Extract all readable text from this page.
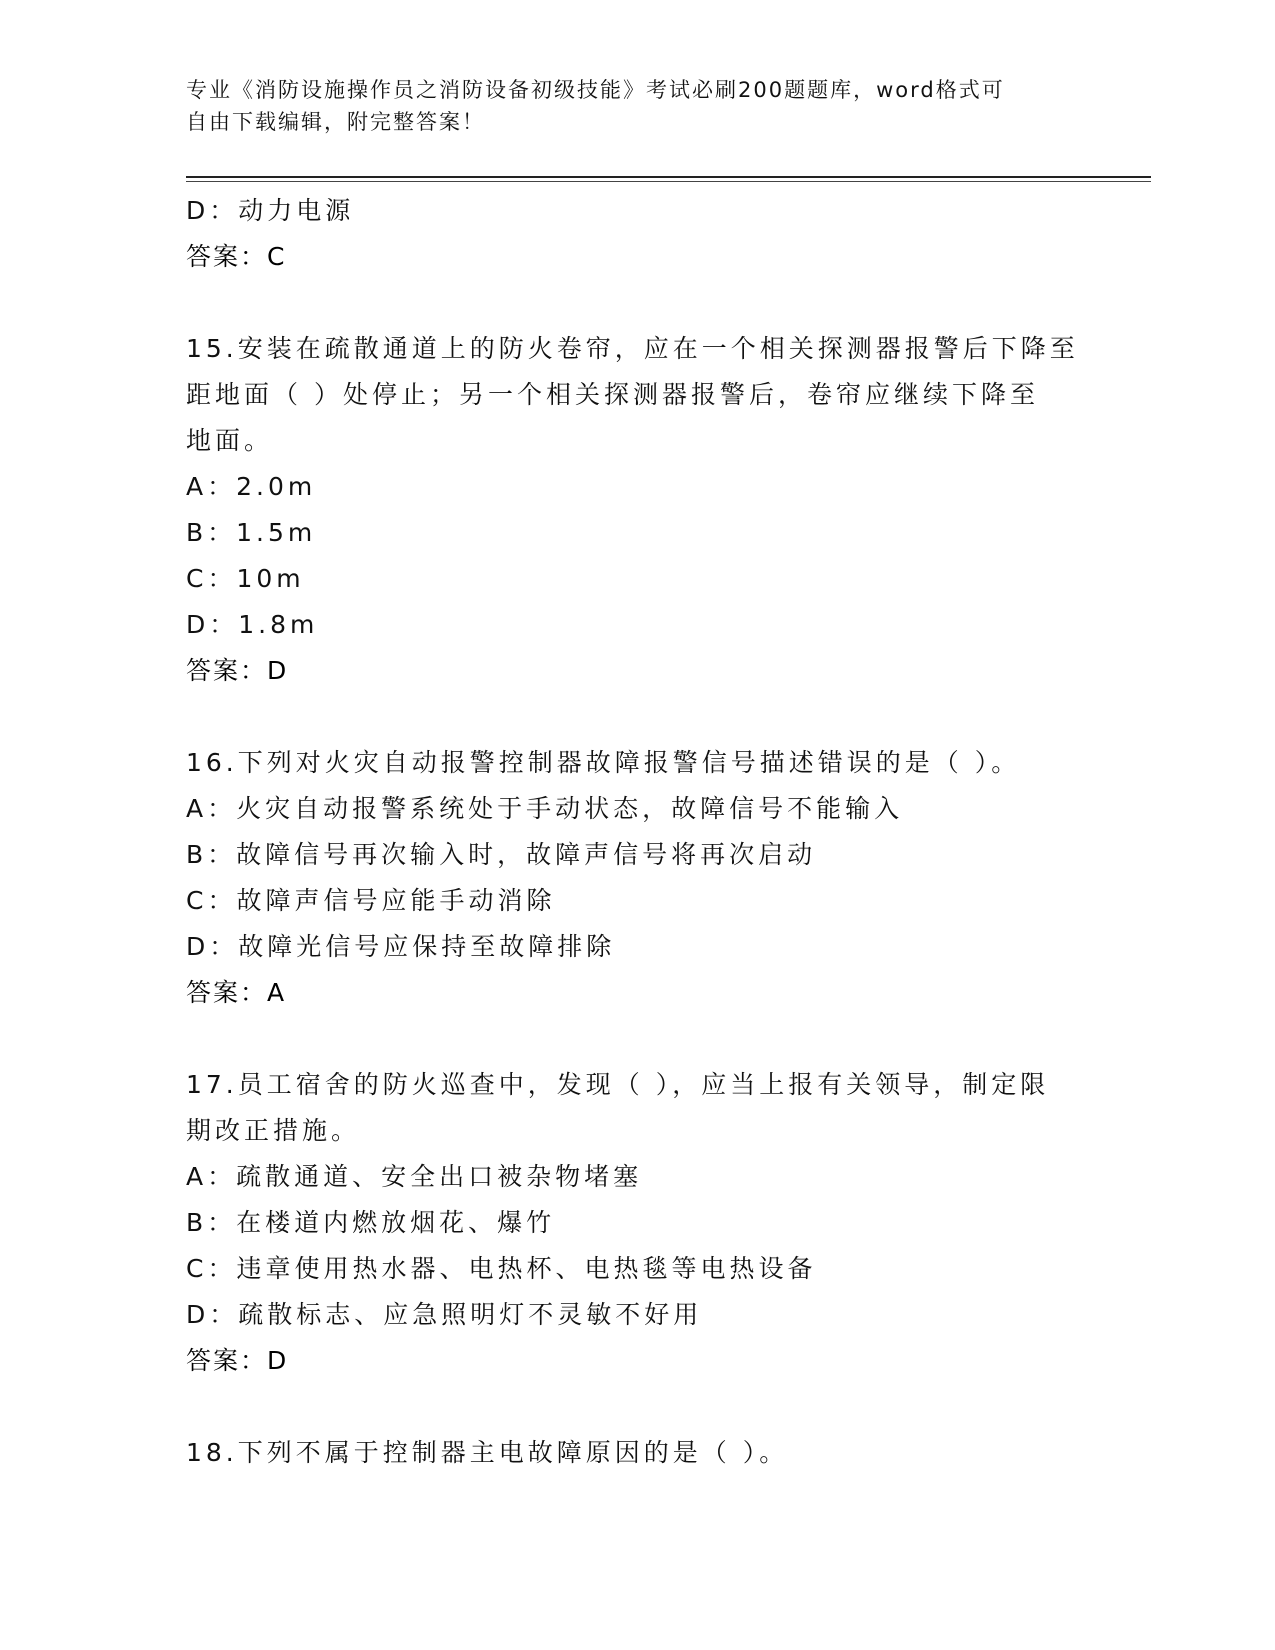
专业《消防设施操作员之消防设备初级技能》考试必刷200题题库，word格式可
自由下载编辑，附完整答案！
D：动力电源
答案：C
15.安装在疏散通道上的防火卷帘，应在一个相关探测器报警后下降至
距地面（ ）处停止；另一个相关探测器报警后，卷帘应继续下降至
地面。
A：2.0m
B：1.5m
C：10m
D：1.8m
答案：D
16.下列对火灾自动报警控制器故障报警信号描述错误的是（ ）。
A：火灾自动报警系统处于手动状态，故障信号不能输入
B：故障信号再次输入时，故障声信号将再次启动
C：故障声信号应能手动消除
D：故障光信号应保持至故障排除
答案：A
17.员工宿舍的防火巡查中，发现（ ），应当上报有关领导，制定限
期改正措施。
A：疏散通道、安全出口被杂物堵塞
B：在楼道内燃放烟花、爆竹
C：违章使用热水器、电热杯、电热毯等电热设备
D：疏散标志、应急照明灯不灵敏不好用
答案：D
18.下列不属于控制器主电故障原因的是（ ）。
